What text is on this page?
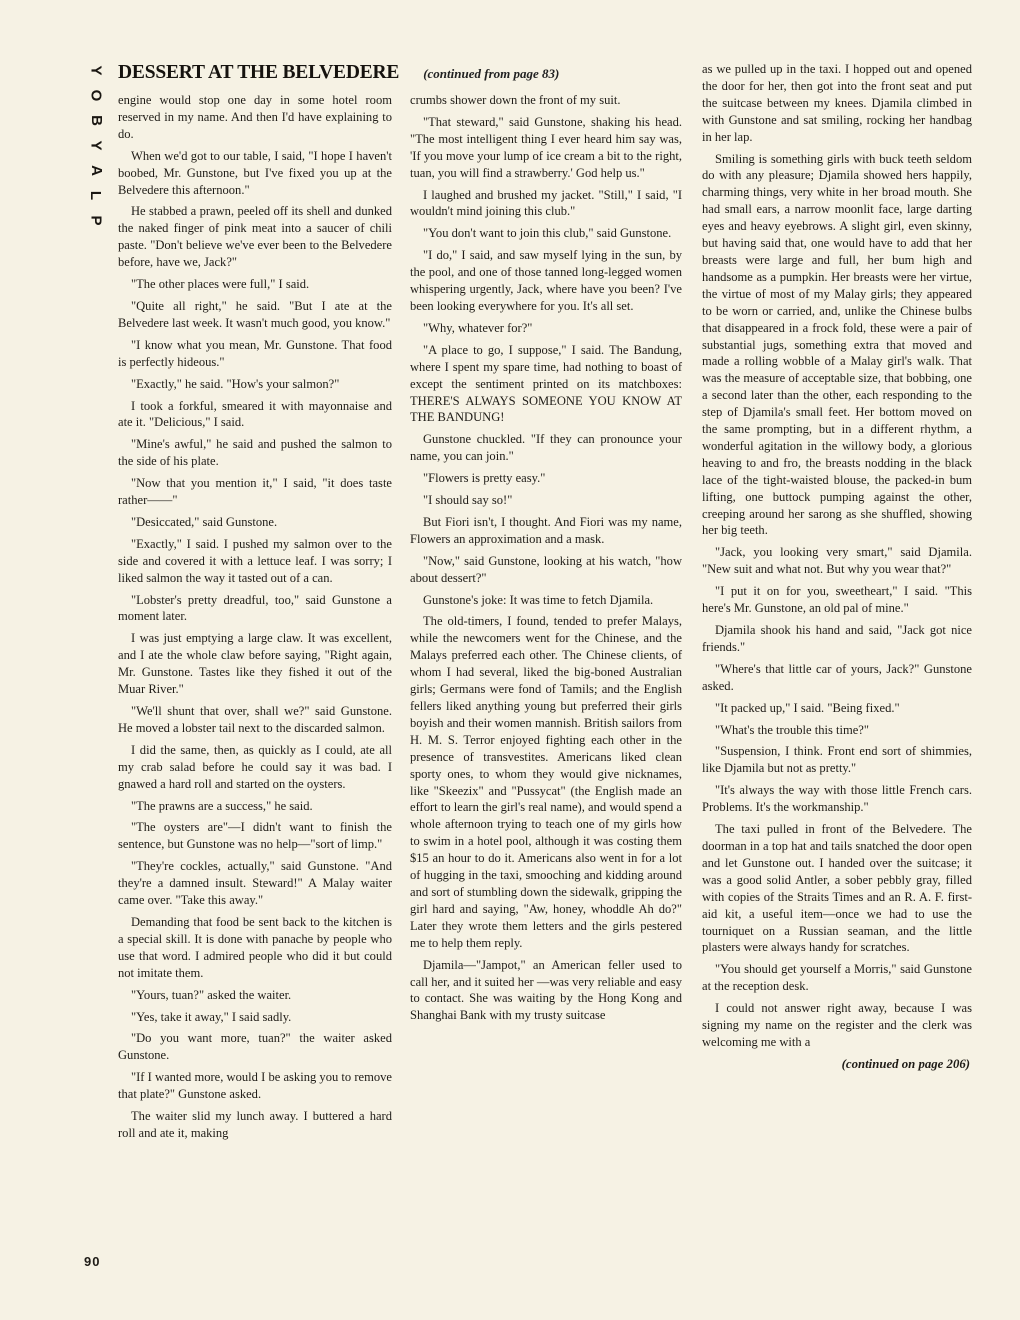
Y
O
B
Y
A
L
P
DESSERT AT THE BELVEDERE (continued from page 83)

engine would stop one day in some hotel room reserved in my name. And then I'd have explaining to do.

When we'd got to our table, I said, "I hope I haven't boobed, Mr. Gunstone, but I've fixed you up at the Belvedere this afternoon."

He stabbed a prawn, peeled off its shell and dunked the naked finger of pink meat into a saucer of chili paste. "Don't believe we've ever been to the Belvedere before, have we, Jack?"

"The other places were full," I said.

"Quite all right," he said. "But I ate at the Belvedere last week. It wasn't much good, you know."

"I know what you mean, Mr. Gunstone. That food is perfectly hideous."

"Exactly," he said. "How's your salmon?"

I took a forkful, smeared it with mayonnaise and ate it. "Delicious," I said.

"Mine's awful," he said and pushed the salmon to the side of his plate.

"Now that you mention it," I said, "it does taste rather——"

"Desiccated," said Gunstone.

"Exactly," I said. I pushed my salmon over to the side and covered it with a lettuce leaf. I was sorry; I liked salmon the way it tasted out of a can.

"Lobster's pretty dreadful, too," said Gunstone a moment later.

I was just emptying a large claw. It was excellent, and I ate the whole claw before saying, "Right again, Mr. Gunstone. Tastes like they fished it out of the Muar River."

"We'll shunt that over, shall we?" said Gunstone. He moved a lobster tail next to the discarded salmon.

I did the same, then, as quickly as I could, ate all my crab salad before he could say it was bad. I gnawed a hard roll and started on the oysters.

"The prawns are a success," he said.

"The oysters are"—I didn't want to finish the sentence, but Gunstone was no help—"sort of limp."

"They're cockles, actually," said Gunstone. "And they're a damned insult. Steward!" A Malay waiter came over. "Take this away."

Demanding that food be sent back to the kitchen is a special skill. It is done with panache by people who use that word. I admired people who did it but could not imitate them.

"Yours, tuan?" asked the waiter.

"Yes, take it away," I said sadly.

"Do you want more, tuan?" the waiter asked Gunstone.

"If I wanted more, would I be asking you to remove that plate?" Gunstone asked.

The waiter slid my lunch away. I buttered a hard roll and ate it, making

crumbs shower down the front of my suit.

"That steward," said Gunstone, shaking his head. "The most intelligent thing I ever heard him say was, 'If you move your lump of ice cream a bit to the right, tuan, you will find a strawberry.' God help us."

I laughed and brushed my jacket. "Still," I said, "I wouldn't mind joining this club."

"You don't want to join this club," said Gunstone.

"I do," I said, and saw myself lying in the sun, by the pool, and one of those tanned long-legged women whispering urgently, Jack, where have you been? I've been looking everywhere for you. It's all set.

"Why, whatever for?"

"A place to go, I suppose," I said. The Bandung, where I spent my spare time, had nothing to boast of except the sentiment printed on its matchboxes: THERE'S ALWAYS SOMEONE YOU KNOW AT THE BANDUNG!

Gunstone chuckled. "If they can pronounce your name, you can join."

"Flowers is pretty easy."

"I should say so!"

But Fiori isn't, I thought. And Fiori was my name, Flowers an approximation and a mask.

"Now," said Gunstone, looking at his watch, "how about dessert?"

Gunstone's joke: It was time to fetch Djamila.

The old-timers, I found, tended to prefer Malays, while the newcomers went for the Chinese, and the Malays preferred each other. The Chinese clients, of whom I had several, liked the big-boned Australian girls; Germans were fond of Tamils; and the English fellers liked anything young but preferred their girls boyish and their women mannish. British sailors from H. M. S. Terror enjoyed fighting each other in the presence of transvestites. Americans liked clean sporty ones, to whom they would give nicknames, like "Skeezix" and "Pussycat" (the English made an effort to learn the girl's real name), and would spend a whole afternoon trying to teach one of my girls how to swim in a hotel pool, although it was costing them $15 an hour to do it. Americans also went in for a lot of hugging in the taxi, smooching and kidding around and sort of stumbling down the sidewalk, gripping the girl hard and saying, "Aw, honey, whoddle Ah do?" Later they wrote them letters and the girls pestered me to help them reply.

Djamila—"Jampot," an American feller used to call her, and it suited her —was very reliable and easy to contact. She was waiting by the Hong Kong and Shanghai Bank with my trusty suitcase

as we pulled up in the taxi. I hopped out and opened the door for her, then got into the front seat and put the suitcase between my knees. Djamila climbed in with Gunstone and sat smiling, rocking her handbag in her lap.

Smiling is something girls with buck teeth seldom do with any pleasure; Djamila showed hers happily, charming things, very white in her broad mouth. She had small ears, a narrow moonlit face, large darting eyes and heavy eyebrows. A slight girl, even skinny, but having said that, one would have to add that her breasts were large and full, her bum high and handsome as a pumpkin. Her breasts were her virtue, the virtue of most of my Malay girls; they appeared to be worn or carried, and, unlike the Chinese bulbs that disappeared in a frock fold, these were a pair of substantial jugs, something extra that moved and made a rolling wobble of a Malay girl's walk. That was the measure of acceptable size, that bobbing, one a second later than the other, each responding to the step of Djamila's small feet. Her bottom moved on the same prompting, but in a different rhythm, a wonderful agitation in the willowy body, a glorious heaving to and fro, the breasts nodding in the black lace of the tight-waisted blouse, the packed-in bum lifting, one buttock pumping against the other, creeping around her sarong as she shuffled, showing her big teeth.

"Jack, you looking very smart," said Djamila. "New suit and what not. But why you wear that?"

"I put it on for you, sweetheart," I said. "This here's Mr. Gunstone, an old pal of mine."

Djamila shook his hand and said, "Jack got nice friends."

"Where's that little car of yours, Jack?" Gunstone asked.

"It packed up," I said. "Being fixed."

"What's the trouble this time?"

"Suspension, I think. Front end sort of shimmies, like Djamila but not as pretty."

"It's always the way with those little French cars. Problems. It's the workmanship."

The taxi pulled in front of the Belvedere. The doorman in a top hat and tails snatched the door open and let Gunstone out. I handed over the suitcase; it was a good solid Antler, a sober pebbly gray, filled with copies of the Straits Times and an R. A. F. first-aid kit, a useful item—once we had to use the tourniquet on a Russian seaman, and the little plasters were always handy for scratches.

"You should get yourself a Morris," said Gunstone at the reception desk.

I could not answer right away, because I was signing my name on the register and the clerk was welcoming me with a

(continued on page 206)
90
